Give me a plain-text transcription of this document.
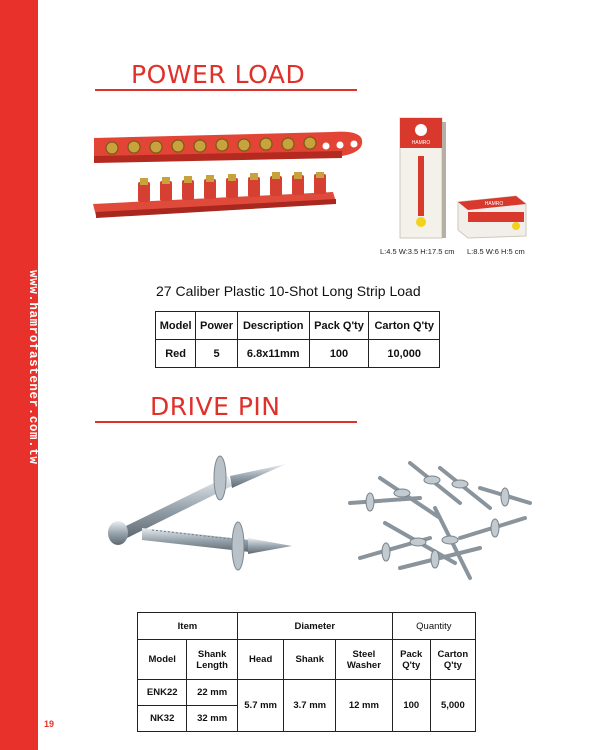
www.hamrofastener.com.tw
19
POWER LOAD
HAMRO
L:4.5 W:3.5 H:17.5 cm
HAMRO
L:8.5 W:6 H:5 cm
27 Caliber Plastic 10-Shot Long Strip Load
Model	Power	Description	Pack Q'ty	Carton Q'ty
Red	5	6.8x11mm	100	10,000
DRIVE PIN
Item		Diameter			Quantity	
Model	Shank Length	Head	Shank	Steel Washer	Pack Q'ty	Carton Q'ty
ENK22	22 mm	5.7 mm	3.7 mm	12 mm	100	5,000
NK32	32 mm					
